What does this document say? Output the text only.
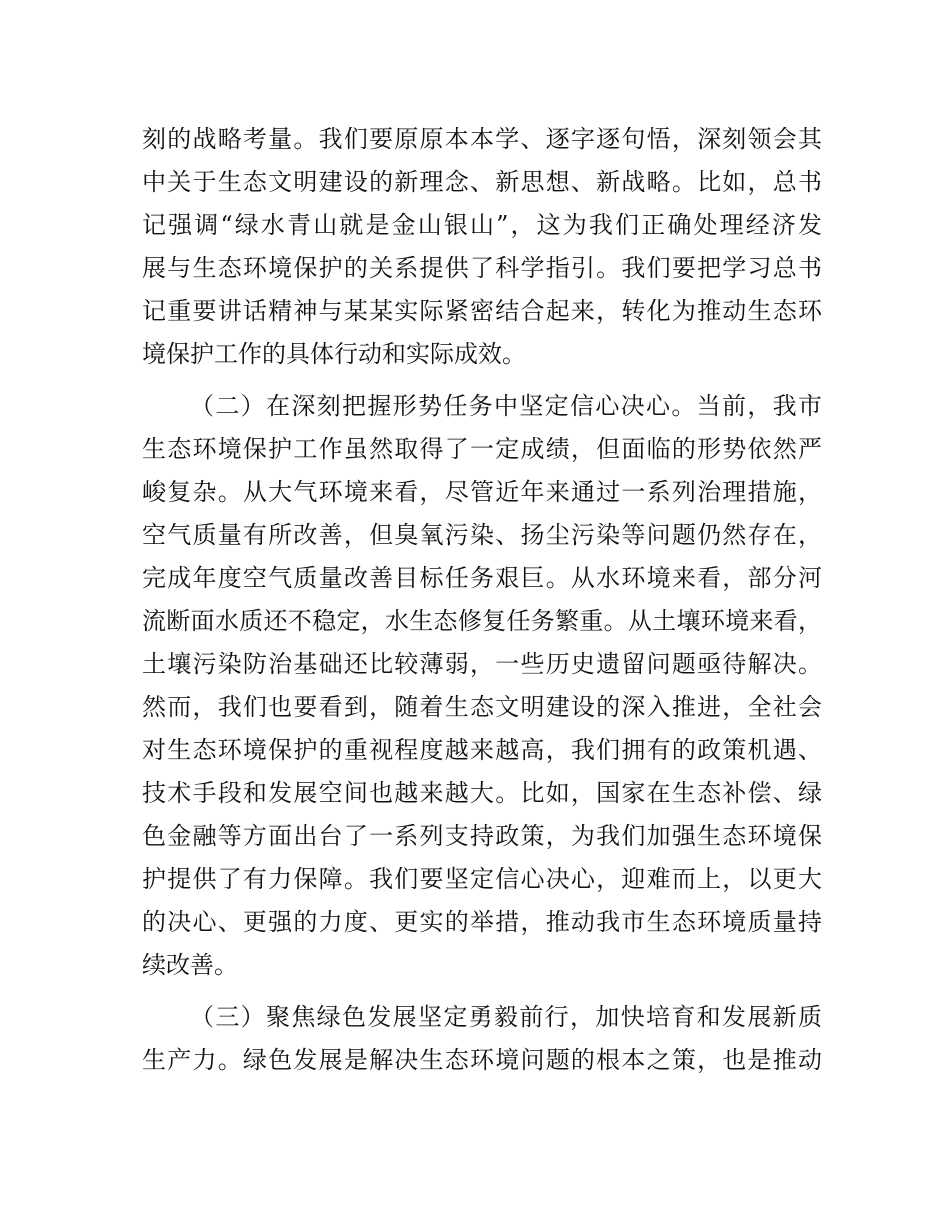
刻的战略考量。我们要原原本本学、逐字逐句悟，深刻领会其
中关于生态文明建设的新理念、新思想、新战略。比如，总书
记强调“绿水青山就是金山银山”，这为我们正确处理经济发
展与生态环境保护的关系提供了科学指引。我们要把学习总书
记重要讲话精神与某某实际紧密结合起来，转化为推动生态环
境保护工作的具体行动和实际成效。
（二）在深刻把握形势任务中坚定信心决心。当前，我市
生态环境保护工作虽然取得了一定成绩，但面临的形势依然严
峻复杂。从大气环境来看，尽管近年来通过一系列治理措施，
空气质量有所改善，但臭氧污染、扬尘污染等问题仍然存在，
完成年度空气质量改善目标任务艰巨。从水环境来看，部分河
流断面水质还不稳定，水生态修复任务繁重。从土壤环境来看，
土壤污染防治基础还比较薄弱，一些历史遗留问题亟待解决。
然而，我们也要看到，随着生态文明建设的深入推进，全社会
对生态环境保护的重视程度越来越高，我们拥有的政策机遇、
技术手段和发展空间也越来越大。比如，国家在生态补偿、绿
色金融等方面出台了一系列支持政策，为我们加强生态环境保
护提供了有力保障。我们要坚定信心决心，迎难而上，以更大
的决心、更强的力度、更实的举措，推动我市生态环境质量持
续改善。
（三）聚焦绿色发展坚定勇毅前行，加快培育和发展新质
生产力。绿色发展是解决生态环境问题的根本之策，也是推动
